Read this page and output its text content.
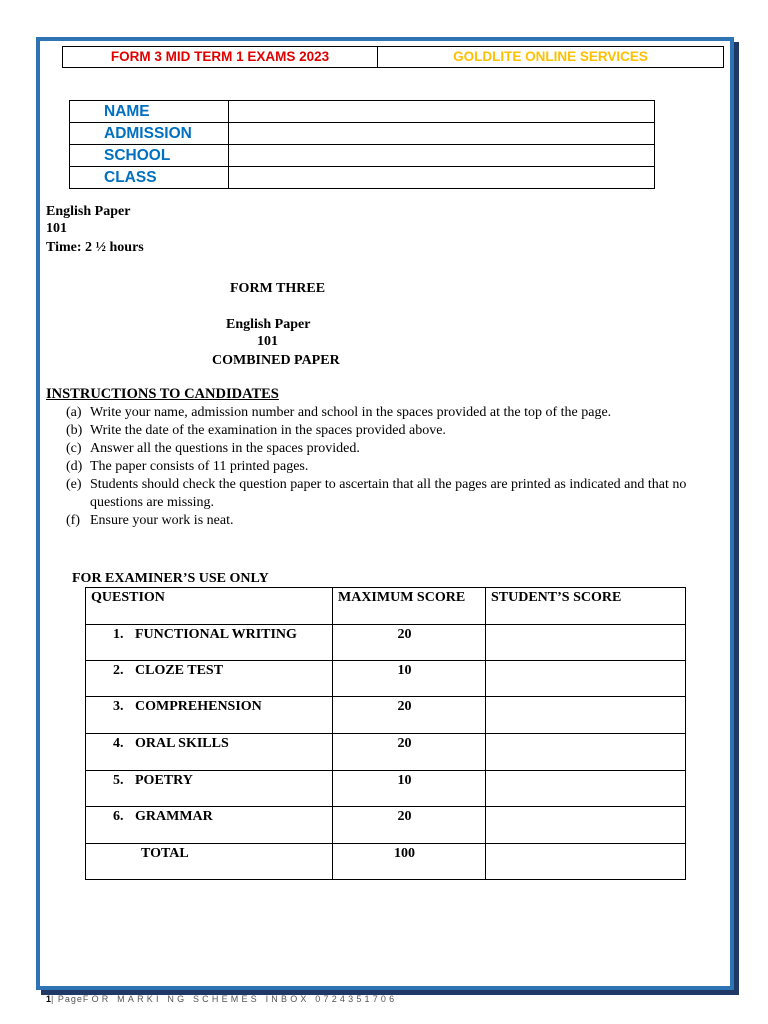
FORM 3 MID TERM 1 EXAMS 2023	GOLDLITE ONLINE SERVICES
NAME	
ADMISSION	
SCHOOL	
CLASS	
English Paper
101
Time: 2 ½ hours
FORM THREE
English Paper
101
COMBINED PAPER
INSTRUCTIONS TO CANDIDATES
(a) Write your name, admission number and school in the spaces provided at the top of the page.
(b) Write the date of the examination in the spaces provided above.
(c) Answer all the questions in the spaces provided.
(d) The paper consists of 11 printed pages.
(e) Students should check the question paper to ascertain that all the pages are printed as indicated and that no questions are missing.
(f) Ensure your work is neat.
FOR EXAMINER’S USE ONLY
QUESTION	MAXIMUM SCORE	STUDENT’S SCORE
1. FUNCTIONAL WRITING	20	
2. CLOZE TEST	10	
3. COMPREHENSION	20	
4. ORAL SKILLS	20	
5. POETRY	10	
6. GRAMMAR	20	
TOTAL	100	
1| PageFOR MARKI NG SCHEMES INBOX 0724351706
